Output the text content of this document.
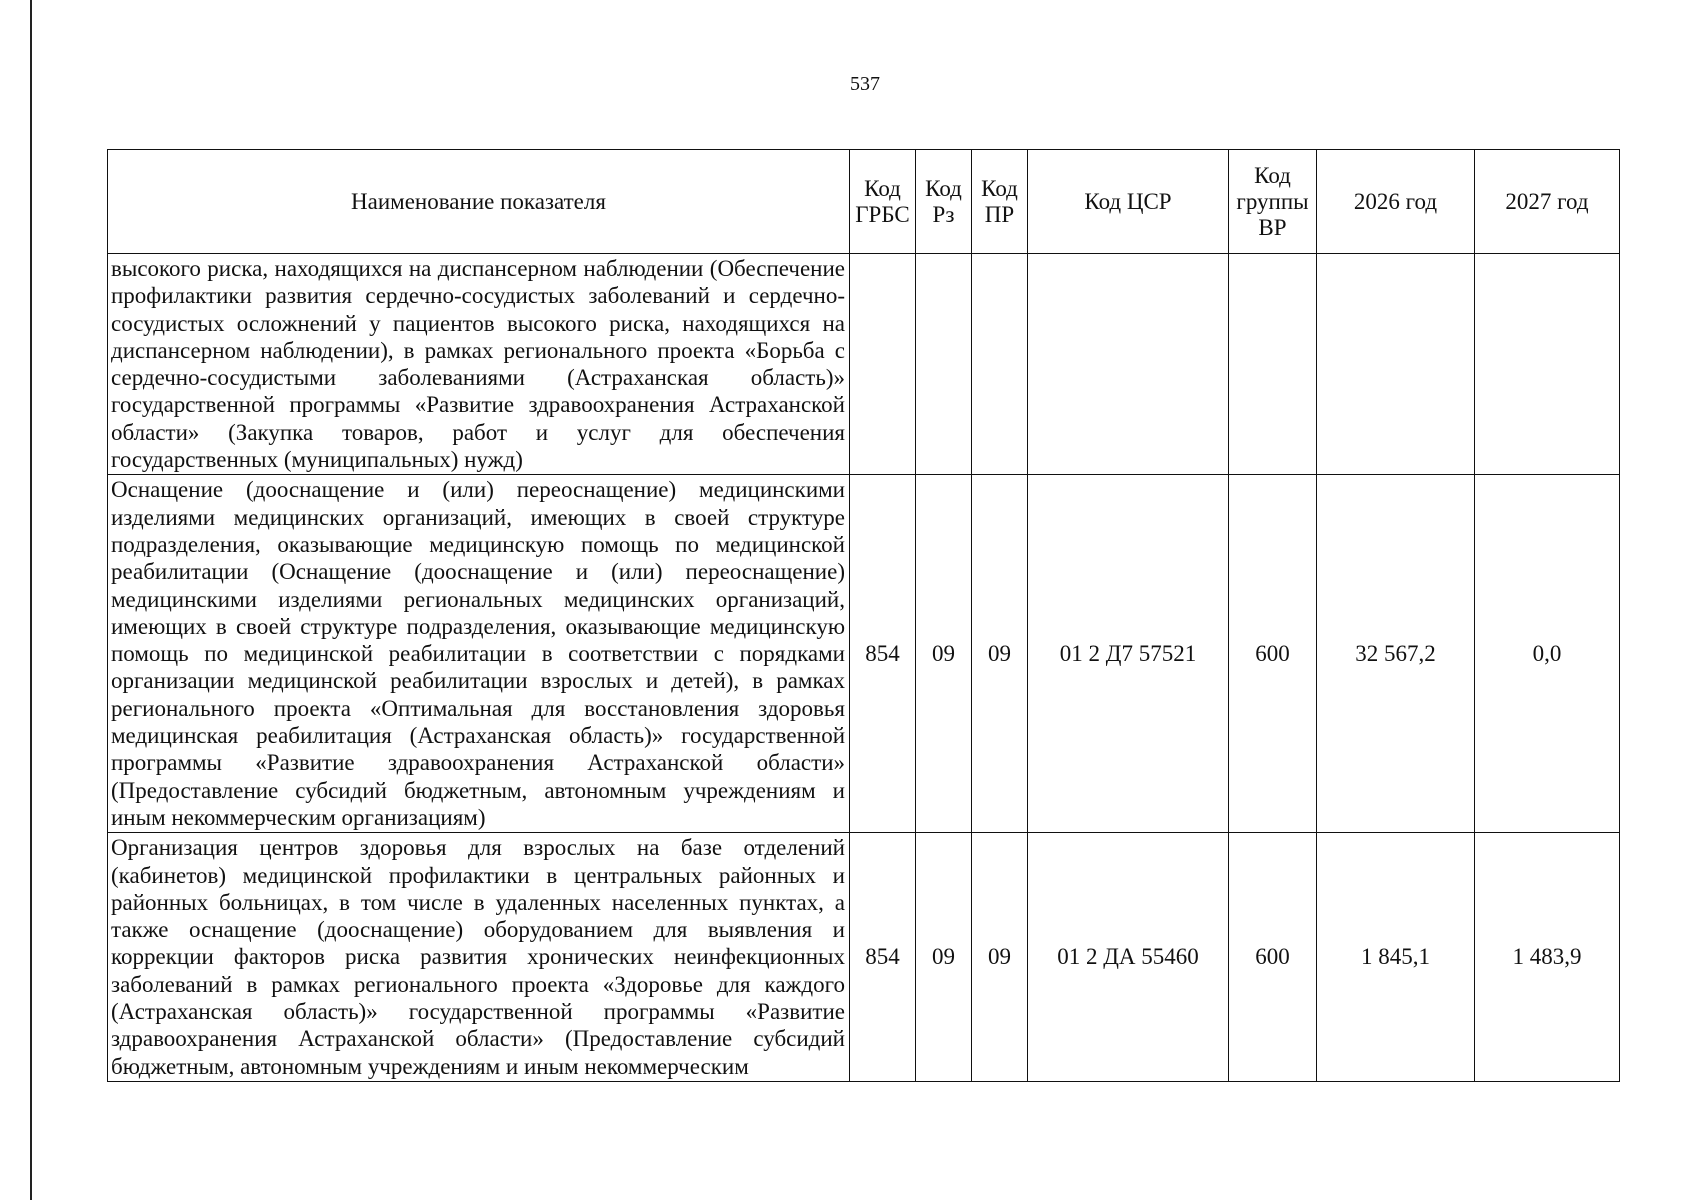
537
Наименование показателя	Код ГРБС	Код Рз	Код ПР	Код ЦСР	Код группы ВР	2026 год	2027 год
высокого риска, находящихся на диспансерном наблюдении (Обеспечение профилактики развития сердечно-сосудистых заболеваний и сердечно-сосудистых осложнений у пациентов высокого риска, находящихся на диспансерном наблюдении), в рамках регионального проекта «Борьба с сердечно-сосудистыми заболеваниями (Астраханская область)» государственной программы «Развитие здравоохранения Астраханской области» (Закупка товаров, работ и услуг для обеспечения государственных (муниципальных) нужд)							
Оснащение (дооснащение и (или) переоснащение) медицинскими изделиями медицинских организаций, имеющих в своей структуре подразделения, оказывающие медицинскую помощь по медицинской реабилитации (Оснащение (дооснащение и (или) переоснащение) медицинскими изделиями региональных медицинских организаций, имеющих в своей структуре подразделения, оказывающие медицинскую помощь по медицинской реабилитации в соответствии с порядками организации медицинской реабилитации взрослых и детей), в рамках регионального проекта «Оптимальная для восстановления здоровья медицинская реабилитация (Астраханская область)» государственной программы «Развитие здравоохранения Астраханской области» (Предоставление субсидий бюджетным, автономным учреждениям и иным некоммерческим организациям)	854	09	09	01 2 Д7 57521	600	32 567,2	0,0
Организация центров здоровья для взрослых на базе отделений (кабинетов) медицинской профилактики в центральных районных и районных больницах, в том числе в удаленных населенных пунктах, а также оснащение (дооснащение) оборудованием для выявления и коррекции факторов риска развития хронических неинфекционных заболеваний в рамках регионального проекта «Здоровье для каждого (Астраханская область)» государственной программы «Развитие здравоохранения Астраханской области» (Предоставление субсидий бюджетным, автономным учреждениям и иным некоммерческим	854	09	09	01 2 ДА 55460	600	1 845,1	1 483,9
